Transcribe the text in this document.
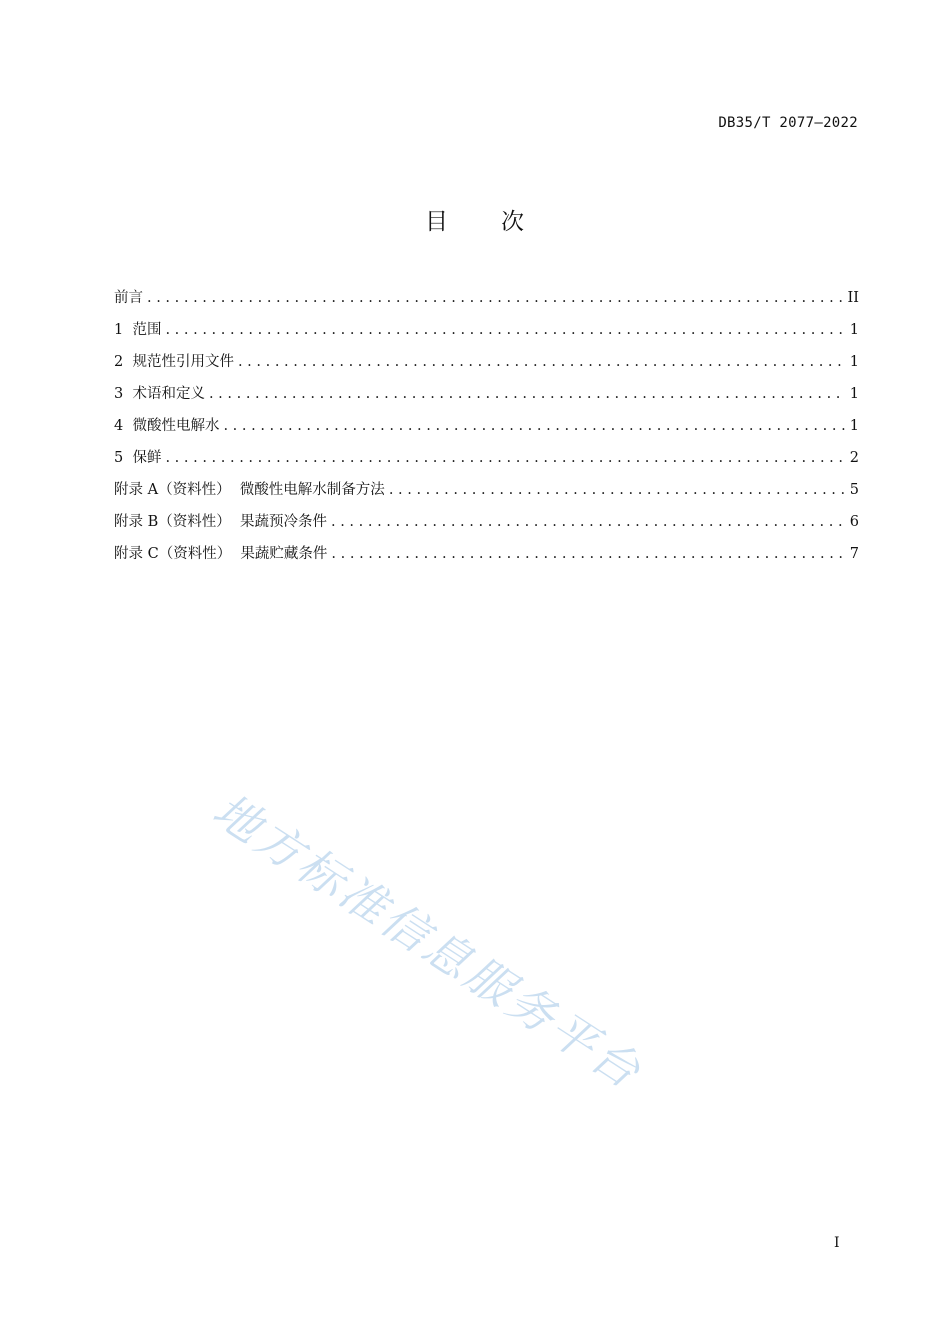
DB35/T 2077—2022
目 次
前言 . . .	II
1  范围 . . .	1
2  规范性引用文件 . . .	1
3  术语和定义 . . .	1
4  微酸性电解水 . . .	1
5  保鲜 . . .	2
附录 A（资料性）  微酸性电解水制备方法 . . .	5
附录 B（资料性）  果蔬预冷条件 . . .	6
附录 C（资料性）  果蔬贮藏条件 . . .	7
地方标准信息服务平台
I
